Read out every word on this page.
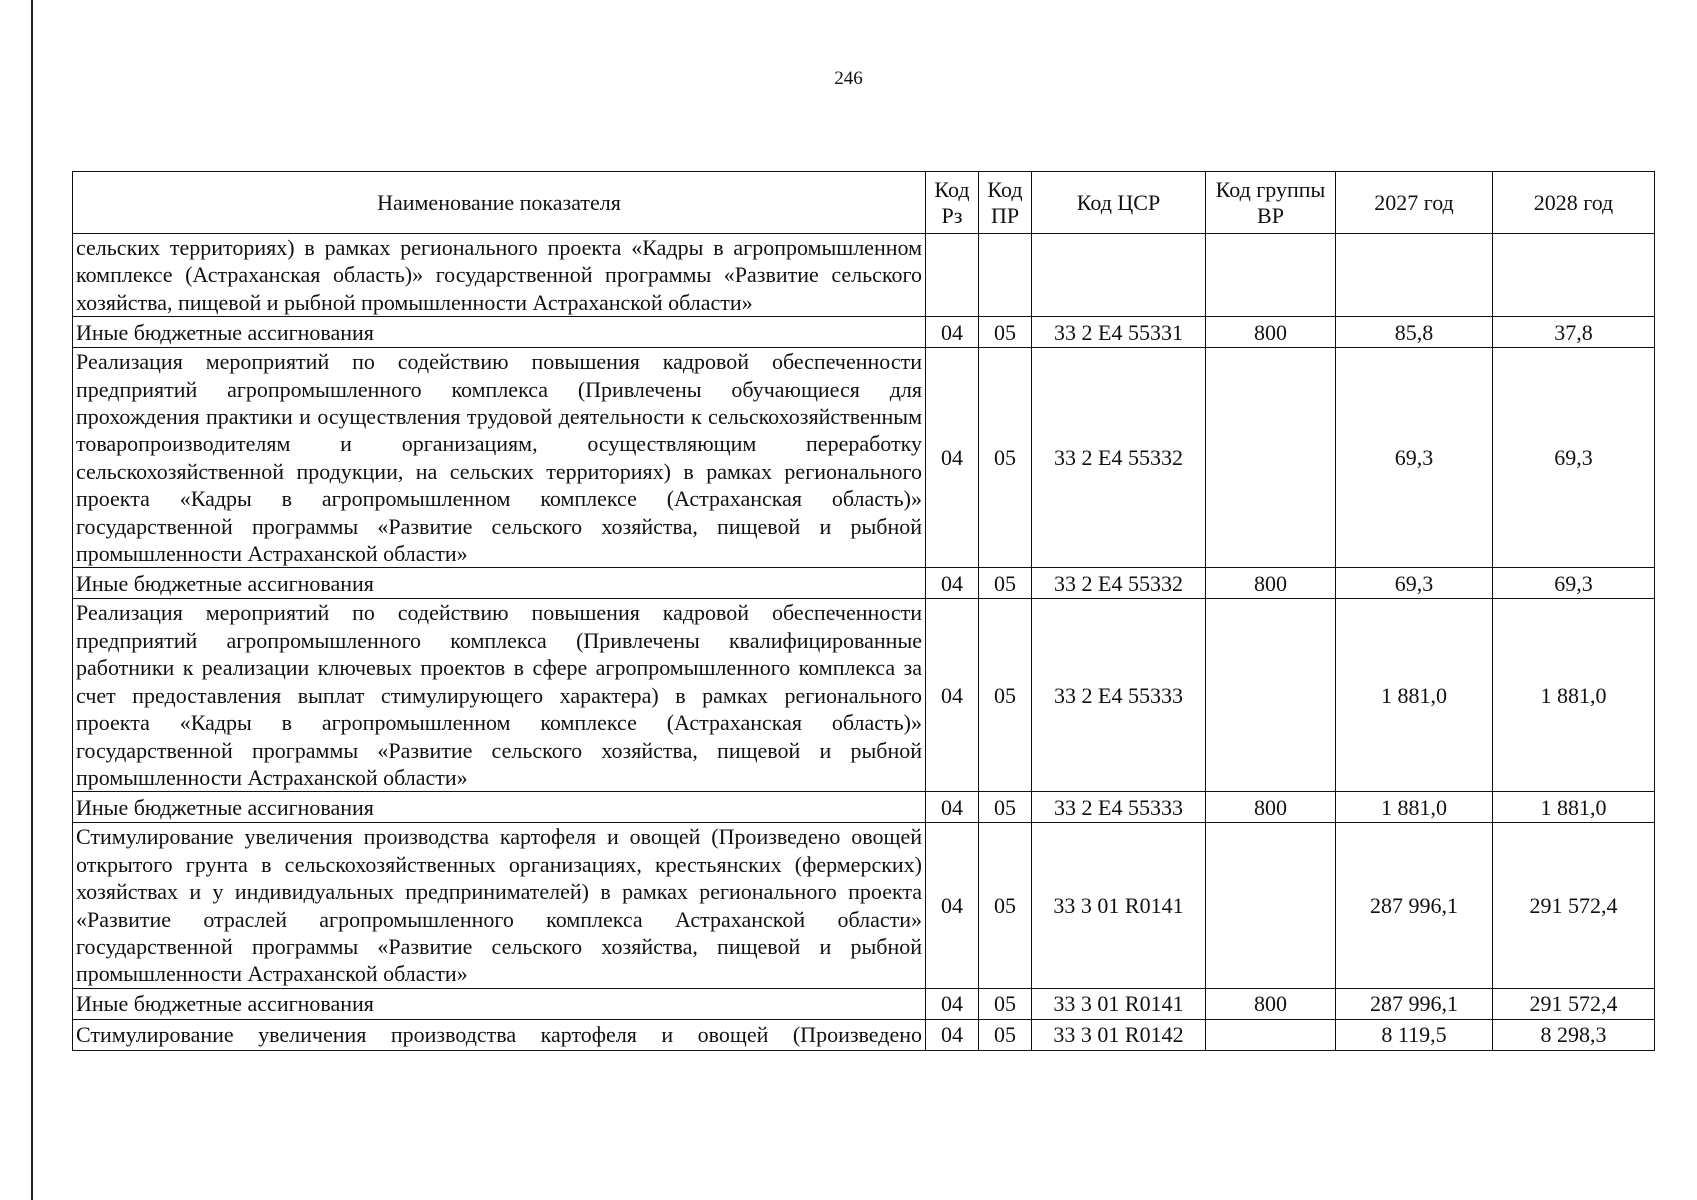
246
Наименование показателя	Код Рз	Код ПР	Код ЦСР	Код группы ВР	2027 год	2028 год
сельских территориях) в рамках регионального проекта «Кадры в агропромышленном комплексе (Астраханская область)» государственной программы «Развитие сельского хозяйства, пищевой и рыбной промышленности Астраханской области»						
Иные бюджетные ассигнования	04	05	33 2 Е4 55331	800	85,8	37,8
Реализация мероприятий по содействию повышения кадровой обеспеченности предприятий агропромышленного комплекса (Привлечены обучающиеся для прохождения практики и осуществления трудовой деятельности к сельскохозяйственным товаропроизводителям и организациям, осуществляющим переработку сельскохозяйственной продукции, на сельских территориях) в рамках регионального проекта «Кадры в агропромышленном комплексе (Астраханская область)» государственной программы «Развитие сельского хозяйства, пищевой и рыбной промышленности Астраханской области»	04	05	33 2 Е4 55332		69,3	69,3
Иные бюджетные ассигнования	04	05	33 2 Е4 55332	800	69,3	69,3
Реализация мероприятий по содействию повышения кадровой обеспеченности предприятий агропромышленного комплекса (Привлечены квалифицированные работники к реализации ключевых проектов в сфере агропромышленного комплекса за счет предоставления выплат стимулирующего характера) в рамках регионального проекта «Кадры в агропромышленном комплексе (Астраханская область)» государственной программы «Развитие сельского хозяйства, пищевой и рыбной промышленности Астраханской области»	04	05	33 2 Е4 55333		1 881,0	1 881,0
Иные бюджетные ассигнования	04	05	33 2 Е4 55333	800	1 881,0	1 881,0
Стимулирование увеличения производства картофеля и овощей (Произведено овощей открытого грунта в сельскохозяйственных организациях, крестьянских (фермерских) хозяйствах и у индивидуальных предпринимателей) в рамках регионального проекта «Развитие отраслей агропромышленного комплекса Астраханской области» государственной программы «Развитие сельского хозяйства, пищевой и рыбной промышленности Астраханской области»	04	05	33 3 01 R0141		287 996,1	291 572,4
Иные бюджетные ассигнования	04	05	33 3 01 R0141	800	287 996,1	291 572,4
Стимулирование увеличения производства картофеля и овощей (Произведено	04	05	33 3 01 R0142		8 119,5	8 298,3
